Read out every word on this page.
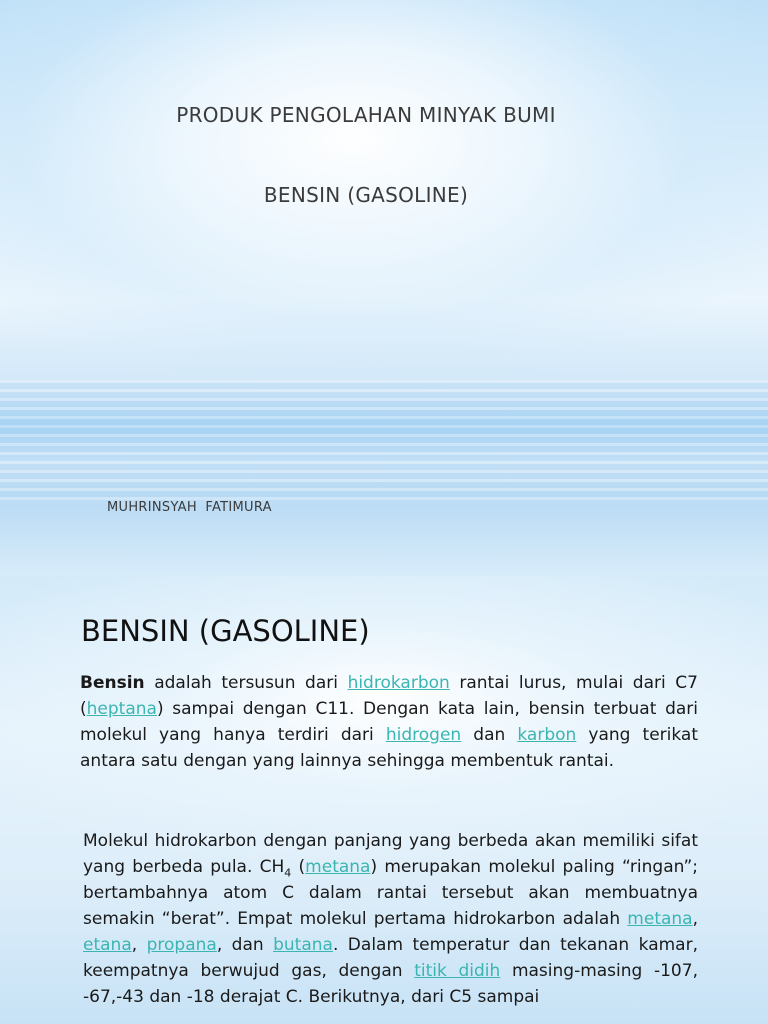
PRODUK PENGOLAHAN MINYAK BUMI
BENSIN (GASOLINE)
MUHRINSYAH FATIMURA
BENSIN (GASOLINE)

Bensin adalah tersusun dari hidrokarbon rantai lurus, mulai dari C7 (heptana) sampai dengan C11. Dengan kata lain, bensin terbuat dari molekul yang hanya terdiri dari hidrogen dan karbon yang terikat antara satu dengan yang lainnya sehingga membentuk rantai.

Molekul hidrokarbon dengan panjang yang berbeda akan memiliki sifat yang berbeda pula. $CH_4$ (metana) merupakan molekul paling “ringan”; bertambahnya atom C dalam rantai tersebut akan membuatnya semakin “berat”. Empat molekul pertama hidrokarbon adalah metana, etana, propana, dan butana. Dalam temperatur dan tekanan kamar, keempatnya berwujud gas, dengan titik didih masing-masing -107, -67,-43 dan -18 derajat C. Berikutnya, dari C5 sampai
